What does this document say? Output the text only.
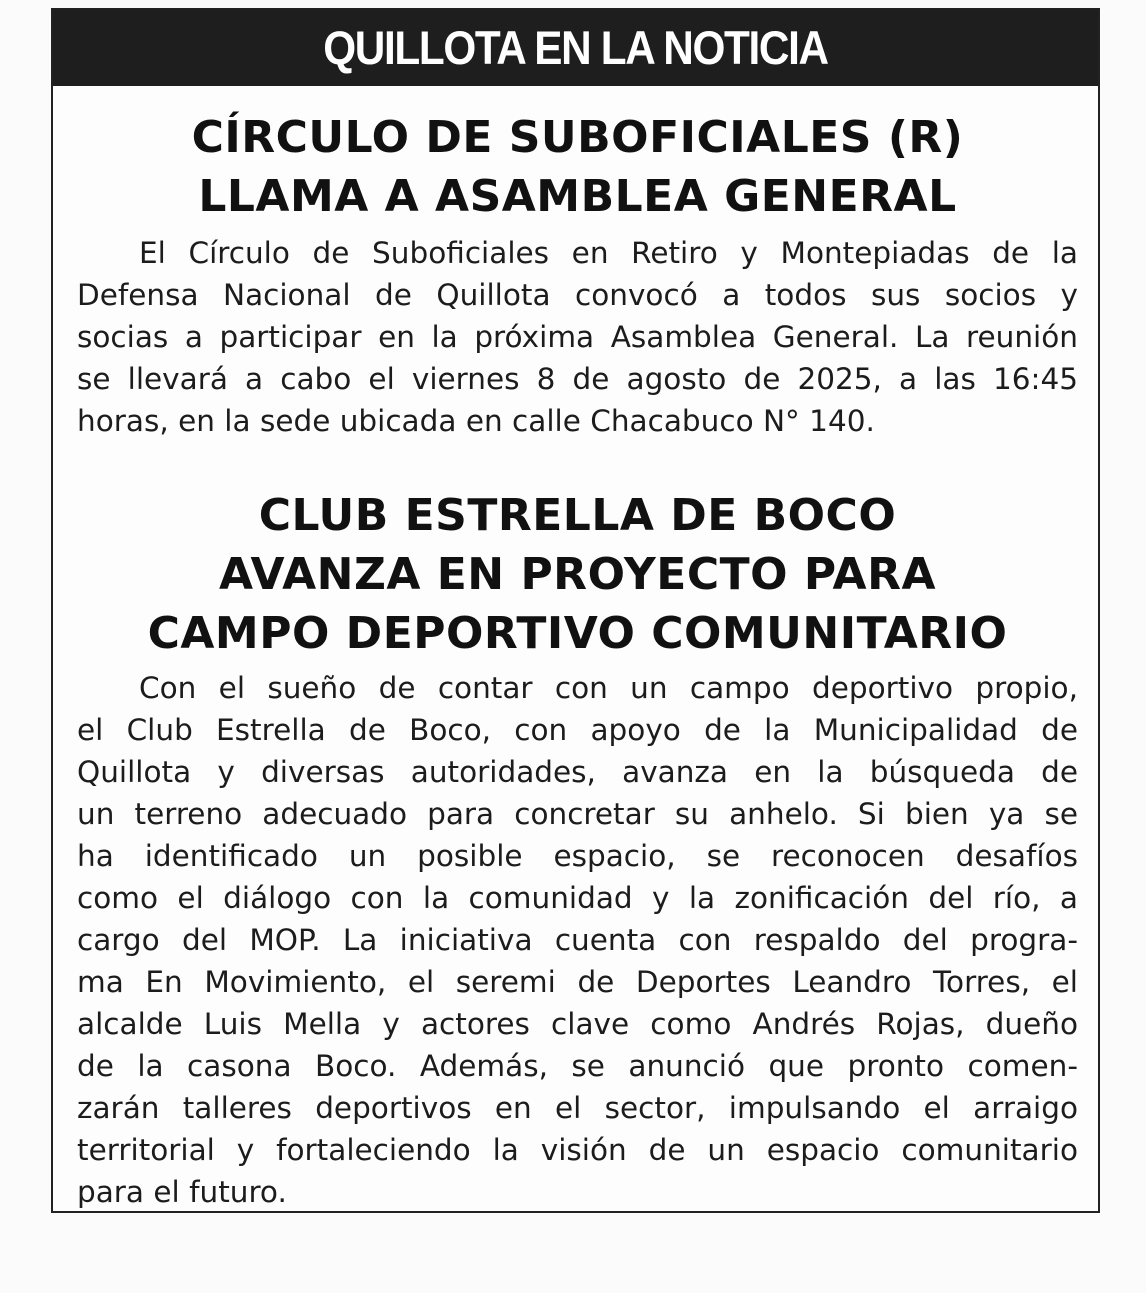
QUILLOTA EN LA NOTICIA
CÍRCULO DE SUBOFICIALES (R)
LLAMA A ASAMBLEA GENERAL

El Círculo de Suboficiales en Retiro y Montepiadas de la
Defensa Nacional de Quillota convocó a todos sus socios y
socias a participar en la próxima Asamblea General. La reunión
se llevará a cabo el viernes 8 de agosto de 2025, a las 16:45
horas, en la sede ubicada en calle Chacabuco N° 140.

CLUB ESTRELLA DE BOCO
AVANZA EN PROYECTO PARA
CAMPO DEPORTIVO COMUNITARIO

Con el sueño de contar con un campo deportivo propio,
el Club Estrella de Boco, con apoyo de la Municipalidad de
Quillota y diversas autoridades, avanza en la búsqueda de
un terreno adecuado para concretar su anhelo. Si bien ya se
ha identificado un posible espacio, se reconocen desafíos
como el diálogo con la comunidad y la zonificación del río, a
cargo del MOP. La iniciativa cuenta con respaldo del progra-
ma En Movimiento, el seremi de Deportes Leandro Torres, el
alcalde Luis Mella y actores clave como Andrés Rojas, dueño
de la casona Boco. Además, se anunció que pronto comen-
zarán talleres deportivos en el sector, impulsando el arraigo
territorial y fortaleciendo la visión de un espacio comunitario
para el futuro.
